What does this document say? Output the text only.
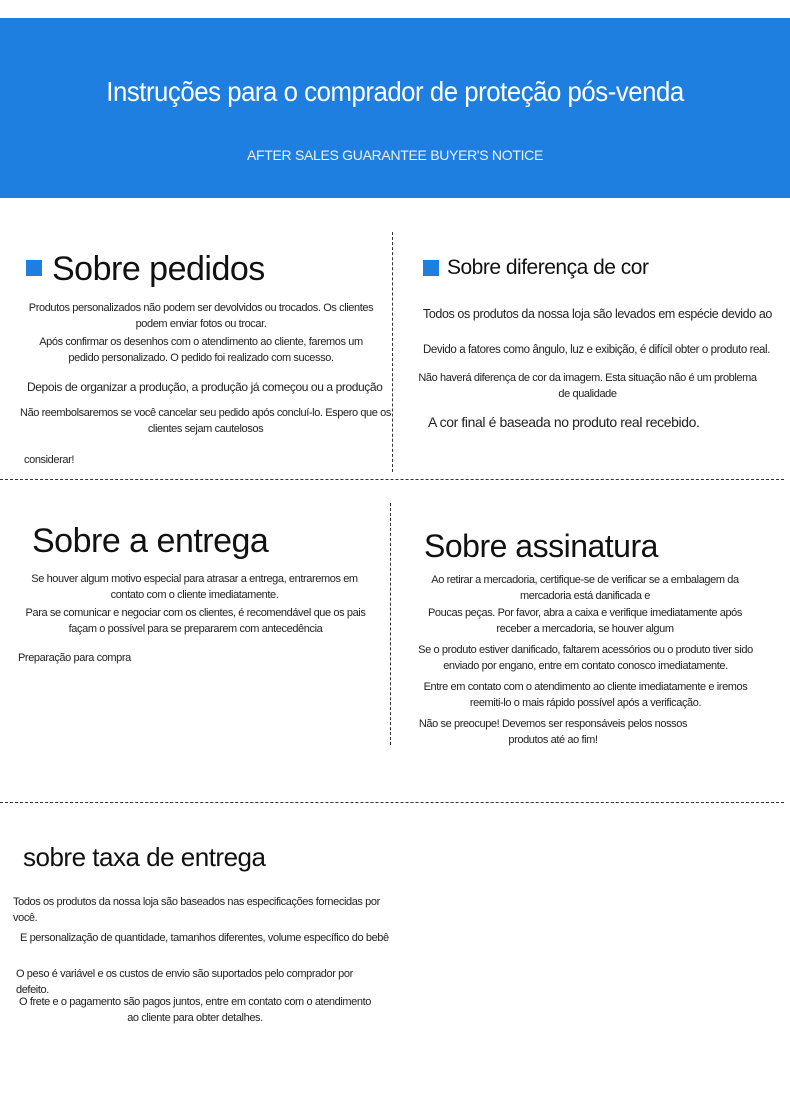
Instruções para o comprador de proteção pós-venda
AFTER SALES GUARANTEE BUYER'S NOTICE
Sobre pedidos
Produtos personalizados não podem ser devolvidos ou trocados. Os clientes podem enviar fotos ou trocar.
Após confirmar os desenhos com o atendimento ao cliente, faremos um pedido personalizado. O pedido foi realizado com sucesso.
Depois de organizar a produção, a produção já começou ou a produção
Não reembolsaremos se você cancelar seu pedido após concluí-lo. Espero que os clientes sejam cautelosos
considerar!
Sobre diferença de cor
Todos os produtos da nossa loja são levados em espécie devido ao
Devido a fatores como ângulo, luz e exibição, é difícil obter o produto real.
Não haverá diferença de cor da imagem. Esta situação não é um problema de qualidade
A cor final é baseada no produto real recebido.
Sobre a entrega
Se houver algum motivo especial para atrasar a entrega, entraremos em contato com o cliente imediatamente.
Para se comunicar e negociar com os clientes, é recomendável que os pais façam o possível para se prepararem com antecedência
Preparação para compra
Sobre assinatura
Ao retirar a mercadoria, certifique-se de verificar se a embalagem da mercadoria está danificada e
Poucas peças. Por favor, abra a caixa e verifique imediatamente após receber a mercadoria, se houver algum
Se o produto estiver danificado, faltarem acessórios ou o produto tiver sido enviado por engano, entre em contato conosco imediatamente.
Entre em contato com o atendimento ao cliente imediatamente e iremos reemiti-lo o mais rápido possível após a verificação.
Não se preocupe! Devemos ser responsáveis ​​pelos nossos produtos até ao fim!
sobre taxa de entrega
Todos os produtos da nossa loja são baseados nas especificações fornecidas por você.
E personalização de quantidade, tamanhos diferentes, volume específico do bebê
O peso é variável e os custos de envio são suportados pelo comprador por defeito.
O frete e o pagamento são pagos juntos, entre em contato com o atendimento ao cliente para obter detalhes.
